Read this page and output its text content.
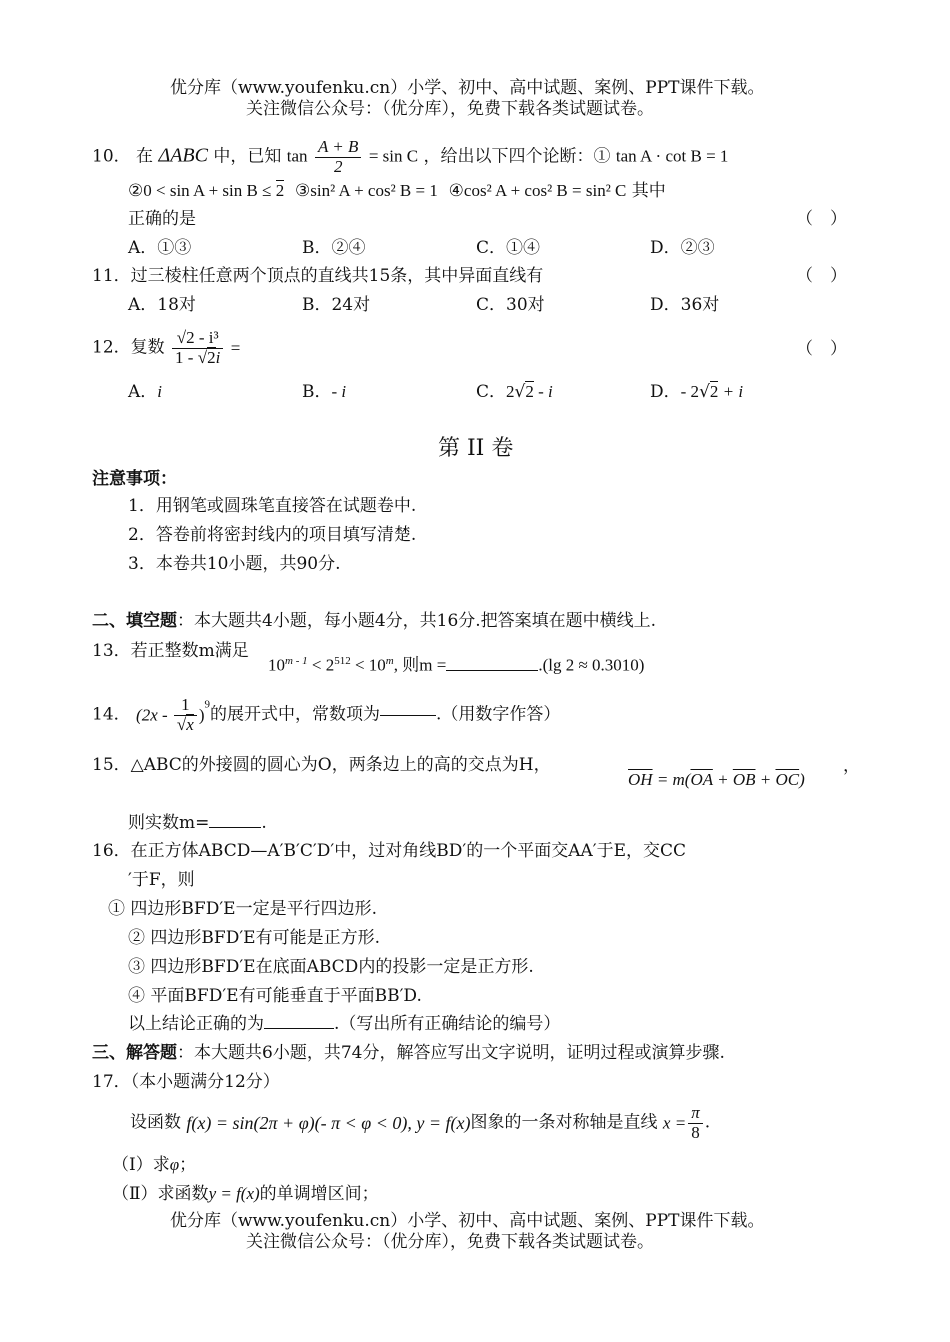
优分库（www.youfenku.cn）小学、初中、高中试题、案例、PPT课件下载。
关注微信公众号：（优分库），免费下载各类试题试卷。
10． 在 ΔABC 中，已知 $\tan \frac{A + B}{2} = \sin C$ ，给出以下四个论断：① tan A · cot B = 1
②0 < sin A + sin B ≤ 2 ③sin² A + cos² B = 1 ④cos² A + cos² B = sin² C 其中
正确的是	（　）
A．①③	B．②④	C．①④	D．②③
11．过三棱柱任意两个顶点的直线共15条，其中异面直线有	（　）
A．18对	B．24对	C．30对	D．36对
12．复数 $\frac{\text{√2 - i³}}{1 - √2i}$ =	（　）
A．i	B．- i	C．2√2 - i	D．- 2√2 + i
第 II 卷
注意事项：
1．用钢笔或圆珠笔直接答在试题卷中.
2．答卷前将密封线内的项目填写清楚.
3．本卷共10小题，共90分.
二、填空题：本大题共4小题，每小题4分，共16分.把答案填在题中横线上.
13．若正整数m满足
$10^{m - 1} < 2^{512} < 10^m$, 则m =	.(lg 2 ≈ 0.3010)
14． $(2x - \frac{1}{√x} )^9$的展开式中，常数项为	.（用数字作答）
15．△ABC的外接圆的圆心为O，两条边上的高的交点为H，
$\overline{OH} = m(\overline{OA} + \overline{OB} + \overline{OC})$
，
则实数m=	.
16．在正方体ABCD—A′B′C′D′中，过对角线BD′的一个平面交AA′于E，交CC
′于F，则
① 四边形BFD′E一定是平行四边形.
② 四边形BFD′E有可能是正方形.
③ 四边形BFD′E在底面ABCD内的投影一定是正方形.
④ 平面BFD′E有可能垂直于平面BB′D.
以上结论正确的为	.（写出所有正确结论的编号）
三、解答题：本大题共6小题，共74分，解答应写出文字说明，证明过程或演算步骤.
17．（本小题满分12分）
设函数 f(x) = sin(2π + φ)(- π < φ < 0), y = f(x)图象的一条对称轴是直线 $x = \frac{\pi}{8}$ .
（Ⅰ）求φ；
（Ⅱ）求函数y = f(x)的单调增区间；
优分库（www.youfenku.cn）小学、初中、高中试题、案例、PPT课件下载。
关注微信公众号：（优分库），免费下载各类试题试卷。
